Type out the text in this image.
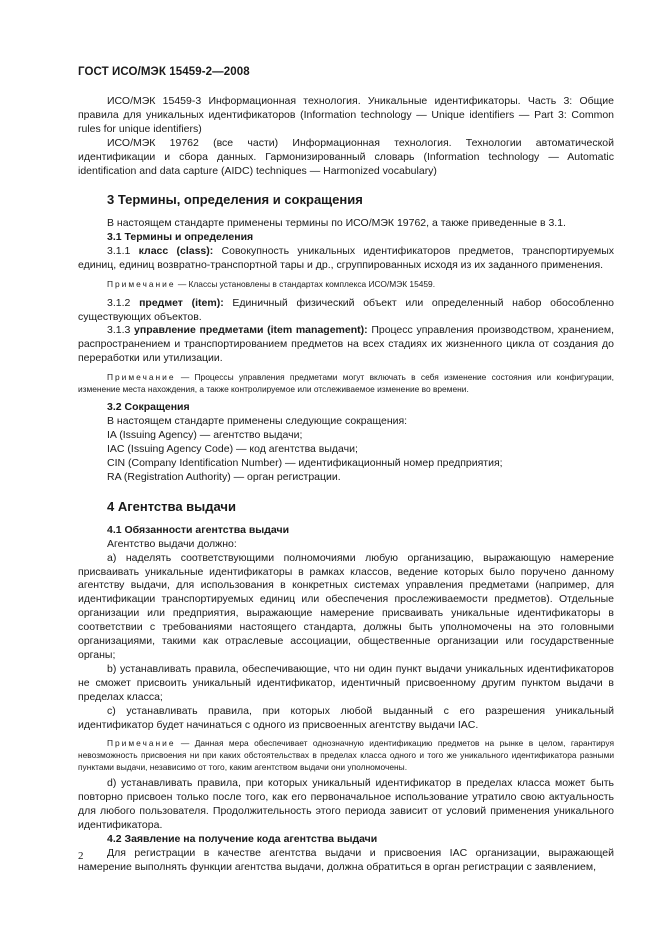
ГОСТ ИСО/МЭК 15459-2—2008

ИСО/МЭК 15459-3 Информационная технология. Уникальные идентификаторы. Часть 3: Общие правила для уникальных идентификаторов (Information technology — Unique identifiers — Part 3: Common rules for unique identifiers)

ИСО/МЭК 19762 (все части) Информационная технология. Технологии автоматической идентификации и сбора данных. Гармонизированный словарь (Information technology — Automatic identification and data capture (AIDC) techniques — Harmonized vocabulary)

3 Термины, определения и сокращения

В настоящем стандарте применены термины по ИСО/МЭК 19762, а также приведенные в 3.1.

3.1 Термины и определения

3.1.1 класс (class): Совокупность уникальных идентификаторов предметов, транспортируемых единиц, единиц возвратно-транспортной тары и др., сгруппированных исходя из их заданного применения.

Примечание — Классы установлены в стандартах комплекса ИСО/МЭК 15459.

3.1.2 предмет (item): Единичный физический объект или определенный набор обособленно существующих объектов.

3.1.3 управление предметами (item management): Процесс управления производством, хранением, распространением и транспортированием предметов на всех стадиях их жизненного цикла от создания до переработки или утилизации.

Примечание — Процессы управления предметами могут включать в себя изменение состояния или конфигурации, изменение места нахождения, а также контролируемое или отслеживаемое изменение во времени.

3.2 Сокращения

В настоящем стандарте применены следующие сокращения:

IA (Issuing Agency) — агентство выдачи;

IAC (Issuing Agency Code) — код агентства выдачи;

CIN (Company Identification Number) — идентификационный номер предприятия;

RA (Registration Authority) — орган регистрации.

4 Агентства выдачи

4.1 Обязанности агентства выдачи

Агентство выдачи должно:

а) наделять соответствующими полномочиями любую организацию, выражающую намерение присваивать уникальные идентификаторы в рамках классов, ведение которых было поручено данному агентству выдачи, для использования в конкретных системах управления предметами (например, для идентификации транспортируемых единиц или обеспечения прослеживаемости предметов). Отдельные организации или предприятия, выражающие намерение присваивать уникальные идентификаторы в соответствии с требованиями настоящего стандарта, должны быть уполномочены на это головными организациями, такими как отраслевые ассоциации, общественные организации или государственные органы;

b) устанавливать правила, обеспечивающие, что ни один пункт выдачи уникальных идентификаторов не сможет присвоить уникальный идентификатор, идентичный присвоенному другим пунктом выдачи в пределах класса;

c) устанавливать правила, при которых любой выданный с его разрешения уникальный идентификатор будет начинаться с одного из присвоенных агентству выдачи IAC.

Примечание — Данная мера обеспечивает однозначную идентификацию предметов на рынке в целом, гарантируя невозможность присвоения ни при каких обстоятельствах в пределах класса одного и того же уникального идентификатора разными пунктами выдачи, независимо от того, каким агентством выдачи они уполномочены.

d) устанавливать правила, при которых уникальный идентификатор в пределах класса может быть повторно присвоен только после того, как его первоначальное использование утратило свою актуальность для любого пользователя. Продолжительность этого периода зависит от условий применения уникального идентификатора.

4.2 Заявление на получение кода агентства выдачи

Для регистрации в качестве агентства выдачи и присвоения IAC организации, выражающей намерение выполнять функции агентства выдачи, должна обратиться в орган регистрации с заявлением,

2
